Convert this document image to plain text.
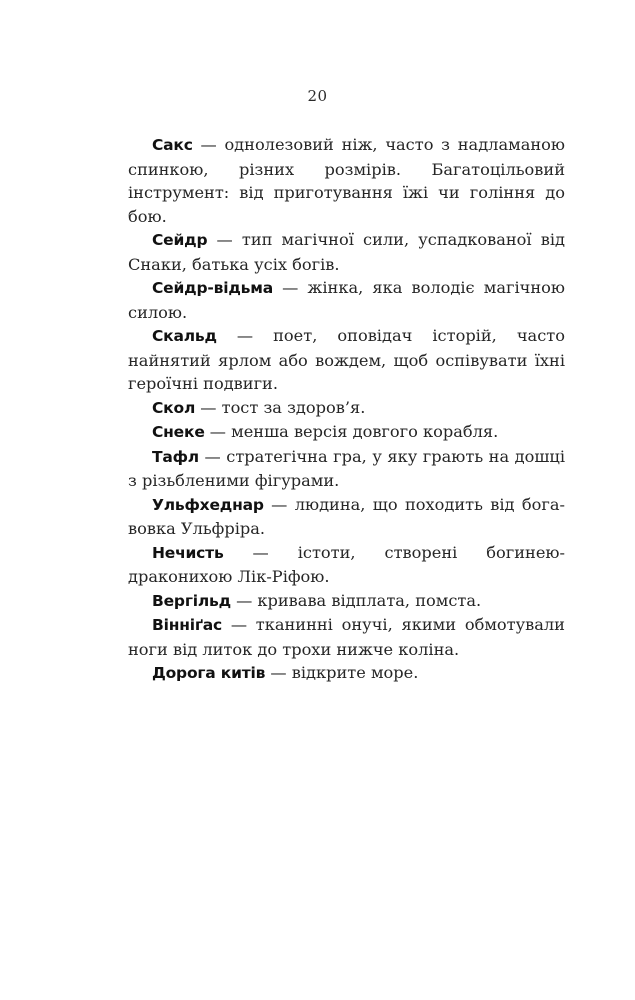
20

Сакс — однолезовий ніж, часто з надламаною спинкою, різних розмірів. Багатоцільовий інструмент: від приготування їжі чи гоління до бою.

Сейдр — тип магічної сили, успадкованої від Снаки, батька усіх богів.

Сейдр-відьма — жінка, яка володіє магічною силою.

Скальд — поет, оповідач історій, часто найнятий ярлом або вождем, щоб оспівувати їхні героїчні подвиги.

Скол — тост за здоров’я.

Снеке — менша версія довгого корабля.

Тафл — стратегічна гра, у яку грають на дошці з різьбленими фігурами.

Ульфхеднар — людина, що походить від бога-вовка Ульфріра.

Нечисть — істоти, створені богинею-драконихою Лік-Ріфою.

Вергільд — кривава відплата, помста.

Вінніґас — тканинні онучі, якими обмотували ноги від литок до трохи нижче коліна.

Дорога китів — відкрите море.
